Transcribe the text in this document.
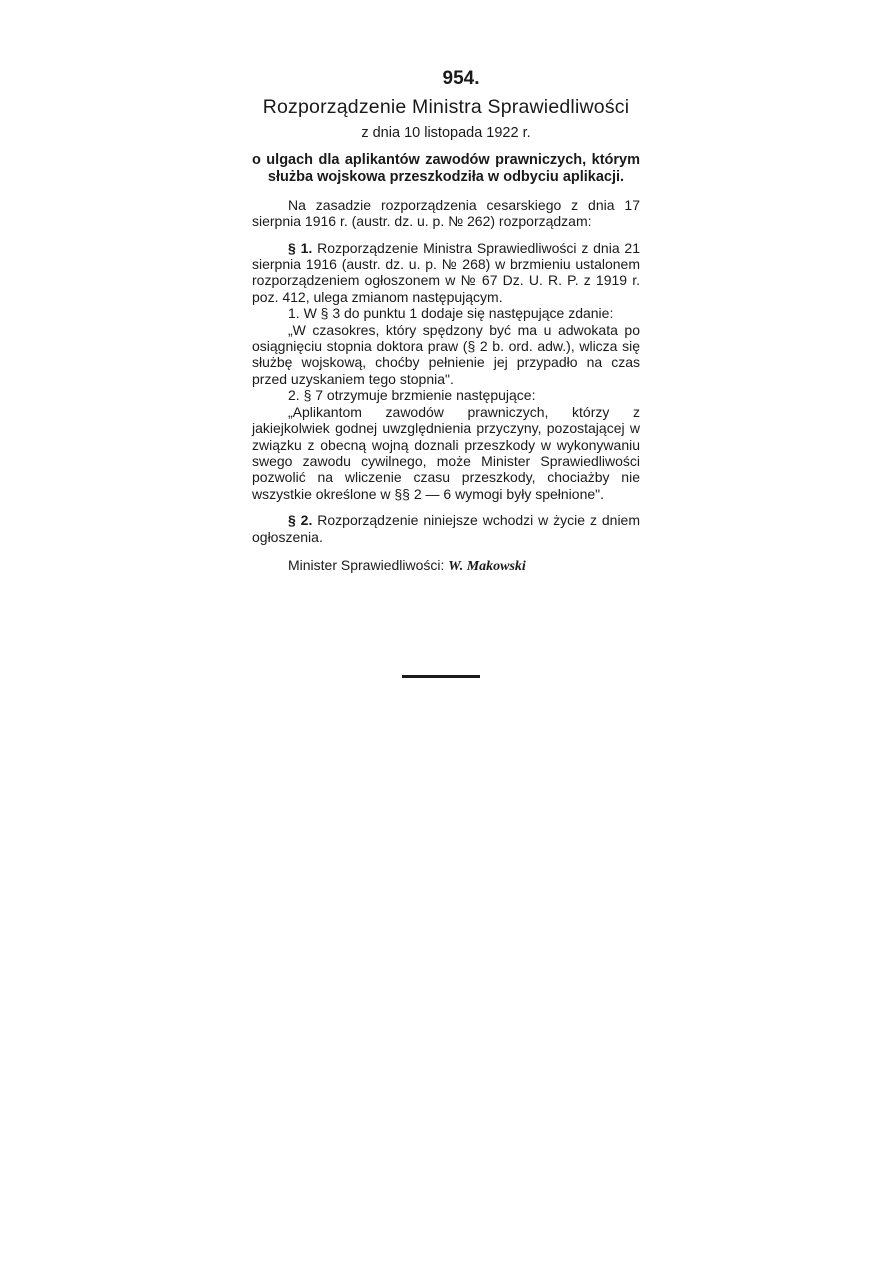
954.
Rozporządzenie Ministra Sprawiedliwości
z dnia 10 listopada 1922 r.
o ulgach dla aplikantów zawodów prawniczych, którym służba wojskowa przeszkodziła w odbyciu aplikacji.

Na zasadzie rozporządzenia cesarskiego z dnia 17 sierpnia 1916 r. (austr. dz. u. p. № 262) rozporządzam:

§ 1. Rozporządzenie Ministra Sprawiedliwości z dnia 21 sierpnia 1916 (austr. dz. u. p. № 268) w brzmieniu ustalonem rozporządzeniem ogłoszonem w № 67 Dz. U. R. P. z 1919 r. poz. 412, ulega zmianom następującym.

1. W § 3 do punktu 1 dodaje się następujące zdanie:

„W czasokres, który spędzony być ma u adwokata po osiągnięciu stopnia doktora praw (§ 2 b. ord. adw.), wlicza się służbę wojskową, choćby pełnienie jej przypadło na czas przed uzyskaniem tego stopnia".

2. § 7 otrzymuje brzmienie następujące:

„Aplikantom zawodów prawniczych, którzy z jakiejkolwiek godnej uwzględnienia przyczyny, pozostającej w związku z obecną wojną doznali przeszkody w wykonywaniu swego zawodu cywilnego, może Minister Sprawiedliwości pozwolić na wliczenie czasu przeszkody, chociażby nie wszystkie określone w §§ 2 — 6 wymogi były spełnione".

§ 2. Rozporządzenie niniejsze wchodzi w życie z dniem ogłoszenia.

Minister Sprawiedliwości: W. Makowski
